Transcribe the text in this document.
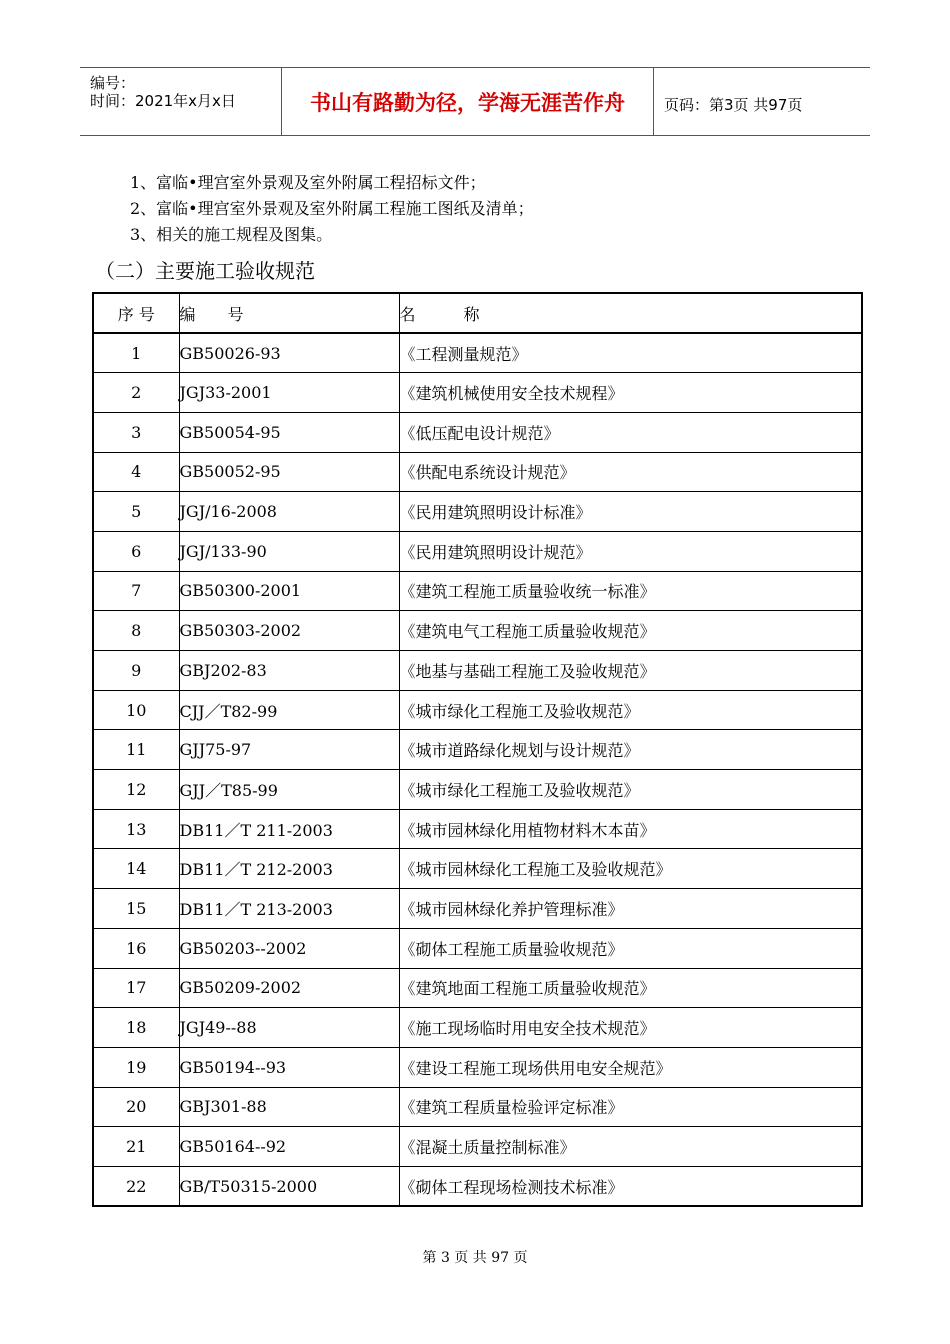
编号：
时间：2021年x月x日	书山有路勤为径，学海无涯苦作舟	页码：第3页 共97页
1、富临•理宫室外景观及室外附属工程招标文件；
2、富临•理宫室外景观及室外附属工程施工图纸及清单；
3、相关的施工规程及图集。
（二）主要施工验收规范
序 号	编　　号	名　　　称
1	GB50026-93	《工程测量规范》
2	JGJ33-2001	《建筑机械使用安全技术规程》
3	GB50054-95	《低压配电设计规范》
4	GB50052-95	《供配电系统设计规范》
5	JGJ/16-2008	《民用建筑照明设计标准》
6	JGJ/133-90	《民用建筑照明设计规范》
7	GB50300-2001	《建筑工程施工质量验收统一标准》
8	GB50303-2002	《建筑电气工程施工质量验收规范》
9	GBJ202-83	《地基与基础工程施工及验收规范》
10	CJJ／T82-99	《城市绿化工程施工及验收规范》
11	GJJ75-97	《城市道路绿化规划与设计规范》
12	GJJ／T85-99	《城市绿化工程施工及验收规范》
13	DB11／T 211-2003	《城市园林绿化用植物材料木本苗》
14	DB11／T 212-2003	《城市园林绿化工程施工及验收规范》
15	DB11／T 213-2003	《城市园林绿化养护管理标准》
16	GB50203--2002	《砌体工程施工质量验收规范》
17	GB50209-2002	《建筑地面工程施工质量验收规范》
18	JGJ49--88	《施工现场临时用电安全技术规范》
19	GB50194--93	《建设工程施工现场供用电安全规范》
20	GBJ301-88	《建筑工程质量检验评定标准》
21	GB50164--92	《混凝土质量控制标准》
22	GB/T50315-2000	《砌体工程现场检测技术标准》
第 3 页 共 97 页
